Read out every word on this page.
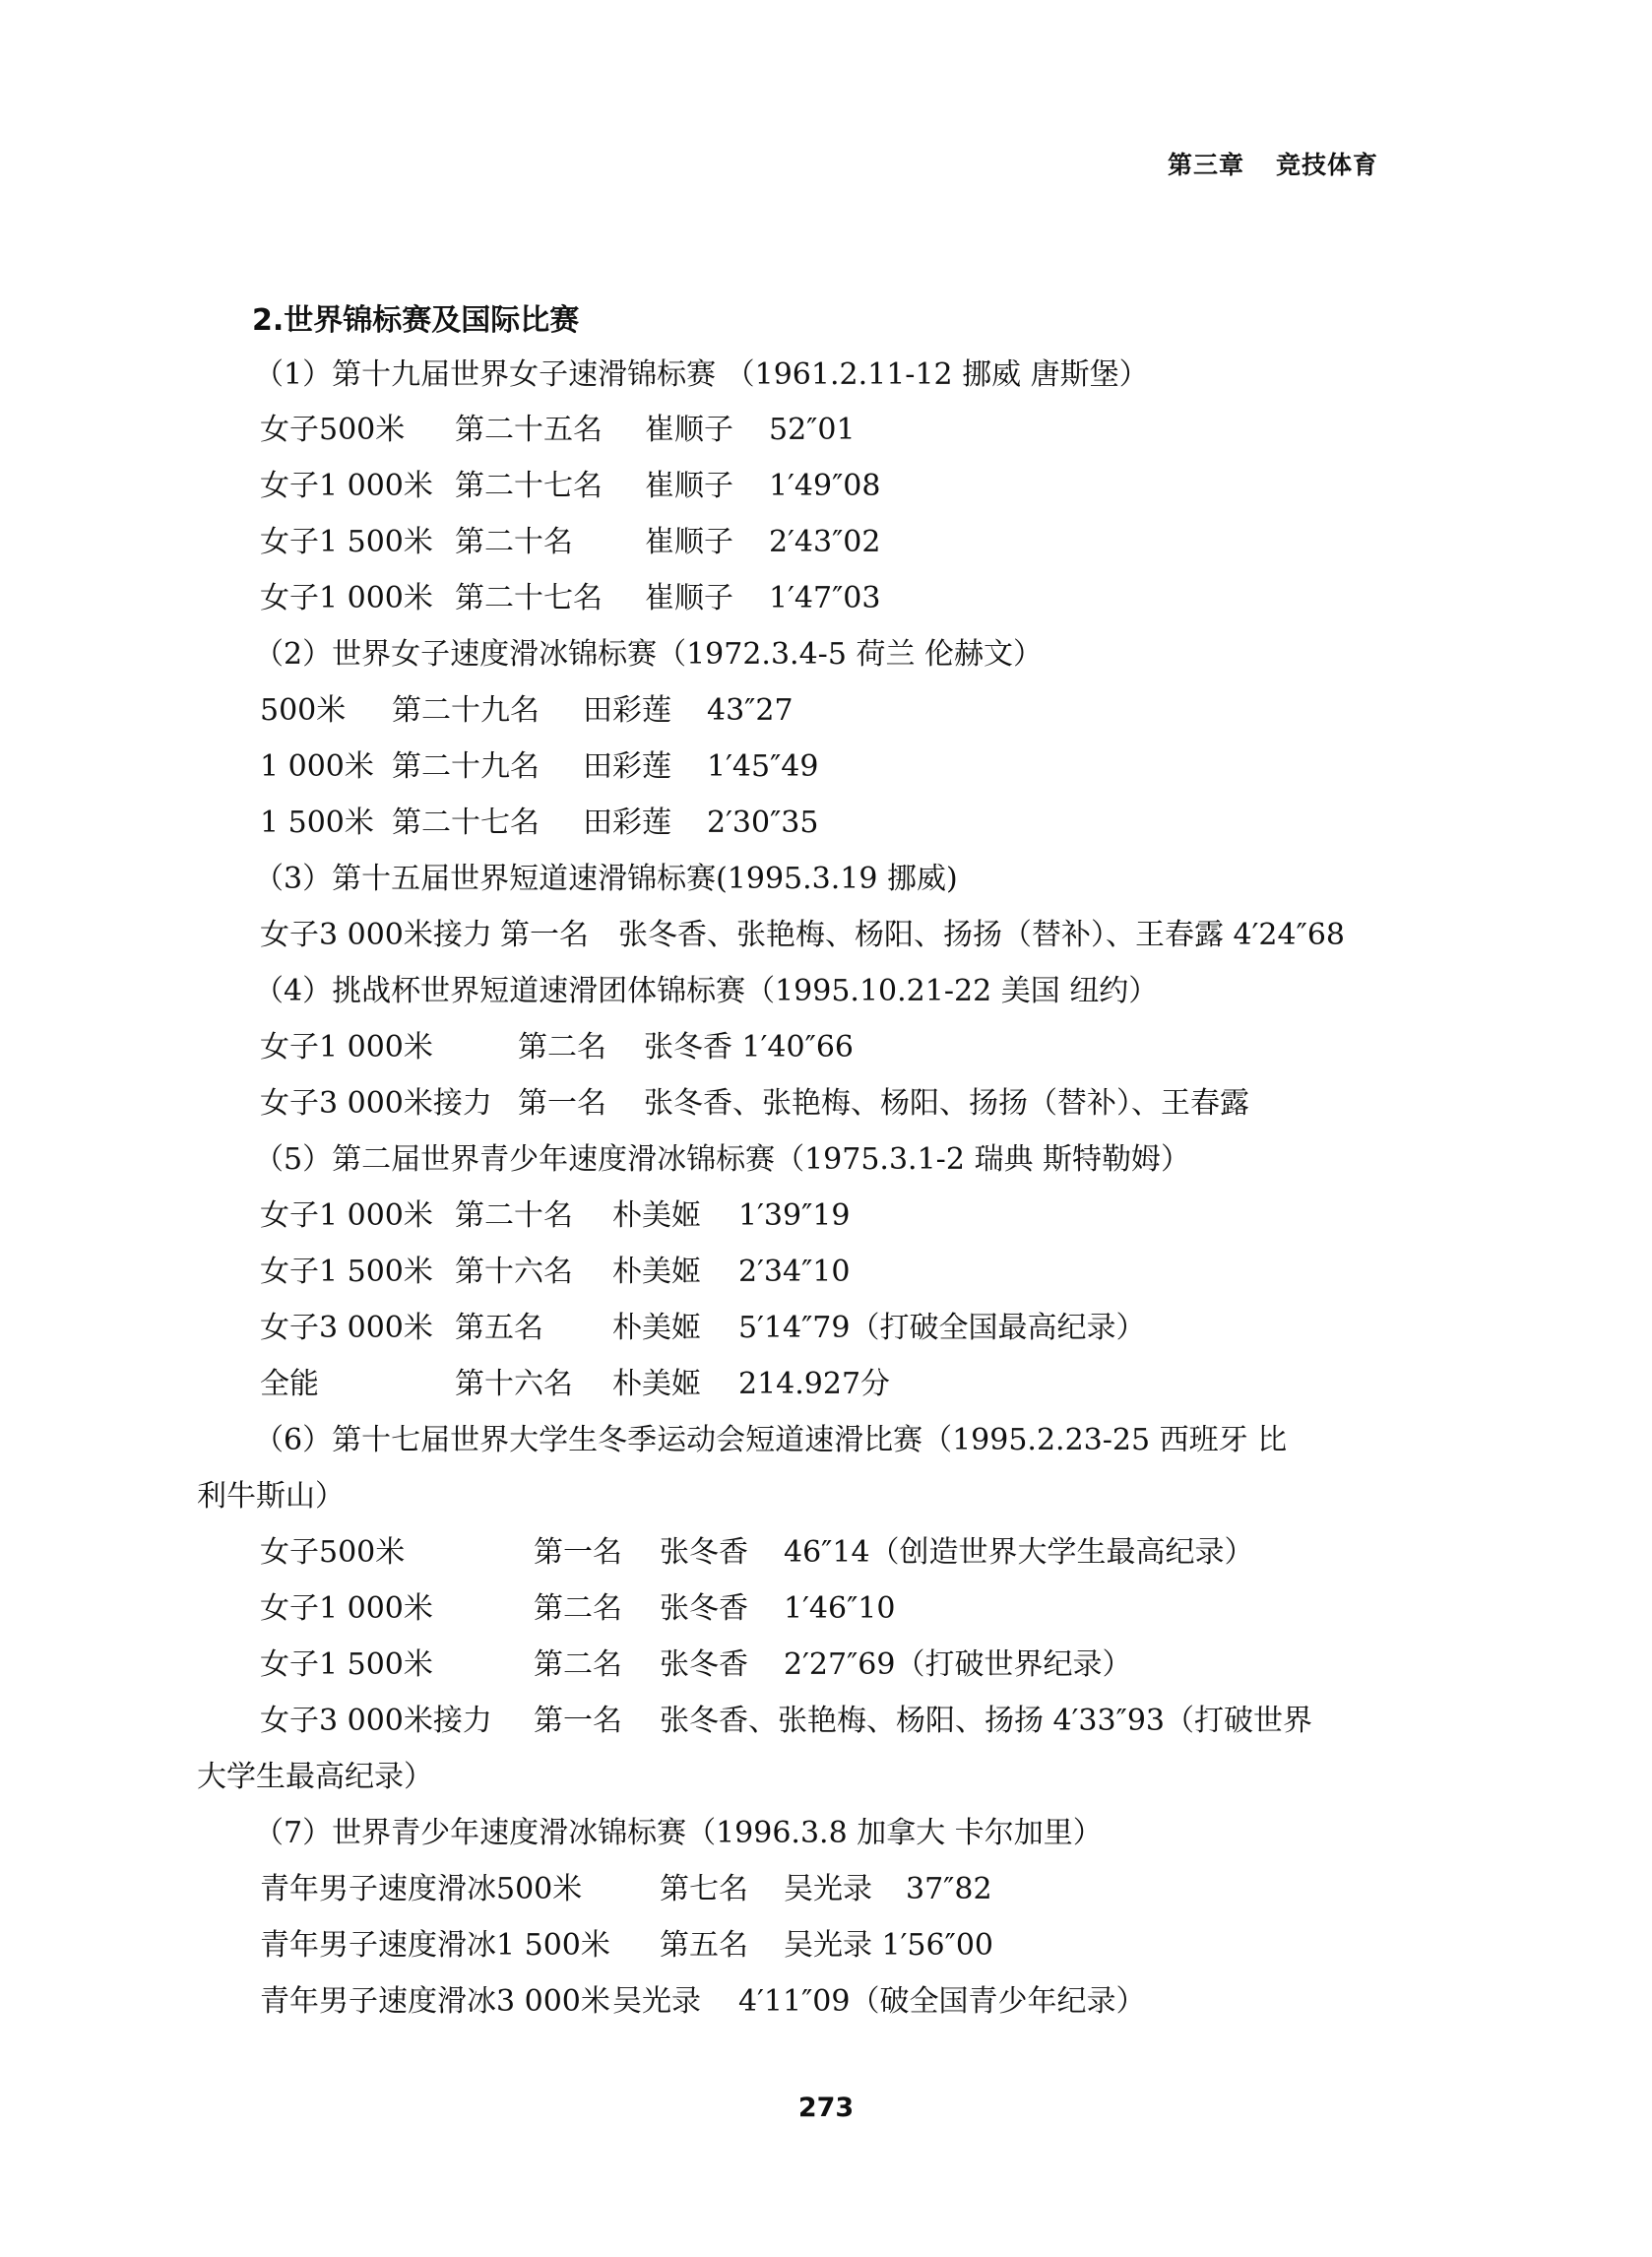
第三章 竞技体育
2.世界锦标赛及国际比赛
（1）第十九届世界女子速滑锦标赛 （1961.2.11-12 挪威 唐斯堡）
女子500米 第二十五名 崔顺子 52″01
女子1 000米 第二十七名 崔顺子 1′49″08
女子1 500米 第二十名 崔顺子 2′43″02
女子1 000米 第二十七名 崔顺子 1′47″03
（2）世界女子速度滑冰锦标赛（1972.3.4-5 荷兰 伦赫文）
500米 第二十九名 田彩莲 43″27
1 000米 第二十九名 田彩莲 1′45″49
1 500米 第二十七名 田彩莲 2′30″35
（3）第十五届世界短道速滑锦标赛(1995.3.19 挪威)
女子3 000米接力 第一名 张冬香、张艳梅、杨阳、扬扬（替补）、王春露 4′24″68
（4）挑战杯世界短道速滑团体锦标赛（1995.10.21-22 美国 纽约）
女子1 000米	第二名 张冬香 1′40″66
女子3 000米接力 第一名 张冬香、张艳梅、杨阳、扬扬（替补）、王春露
（5）第二届世界青少年速度滑冰锦标赛（1975.3.1-2 瑞典 斯特勒姆）
女子1 000米 第二十名 朴美姬 1′39″19
女子1 500米 第十六名 朴美姬 2′34″10
女子3 000米 第五名 朴美姬 5′14″79（打破全国最高纪录）
全能	第十六名 朴美姬 214.927分
（6）第十七届世界大学生冬季运动会短道速滑比赛（1995.2.23-25 西班牙 比
利牛斯山）
女子500米	第一名 张冬香 46″14（创造世界大学生最高纪录）
女子1 000米	第二名 张冬香 1′46″10
女子1 500米	第二名 张冬香 2′27″69（打破世界纪录）
女子3 000米接力 第一名 张冬香、张艳梅、杨阳、扬扬 4′33″93（打破世界
大学生最高纪录）
（7）世界青少年速度滑冰锦标赛（1996.3.8 加拿大 卡尔加里）
青年男子速度滑冰500米	第七名 吴光录 37″82
青年男子速度滑冰1 500米 第五名 吴光录 1′56″00
青年男子速度滑冰3 000米 吴光录 4′11″09（破全国青少年纪录）
273
